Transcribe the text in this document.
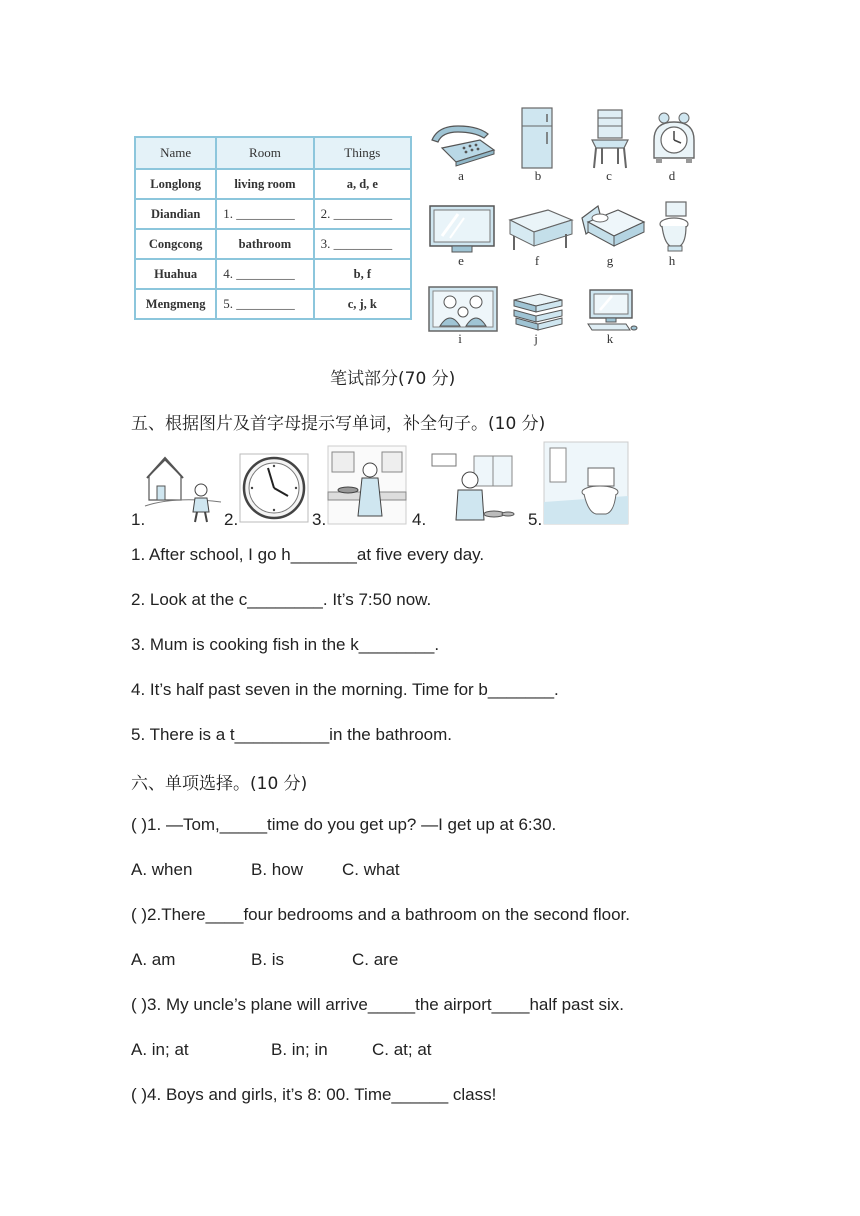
Name	Room	Things
Longlong	living room	a, d, e
Diandian	1. _________	2. _________
Congcong	bathroom	3. _________
Huahua	4. _________	b, f
Mengmeng	5. _________	c, j, k
a	b	c	d
e	f	g	h
i	j	k
笔试部分(70 分)
五、根据图片及首字母提示写单词，补全句子。(10 分)
1.	2.	3.	4.	5.
1. After school, I go h_______at five every day.
2. Look at the c________. It’s 7:50 now.
3. Mum is cooking fish in the k________.
4. It’s half past seven in the morning. Time for b_______.
5. There is a t__________in the bathroom.
六、单项选择。(10 分)
( )1. —Tom,_____time do you get up? —I get up at 6:30.
A. when	B. how C. what
( )2.There____four bedrooms and a bathroom on the second floor.
A. am	B. is	C. are
( )3. My uncle’s plane will arrive_____the airport____half past six.
A. in; at	B. in; in	C. at; at
( )4. Boys and girls, it’s 8: 00. Time______ class!
